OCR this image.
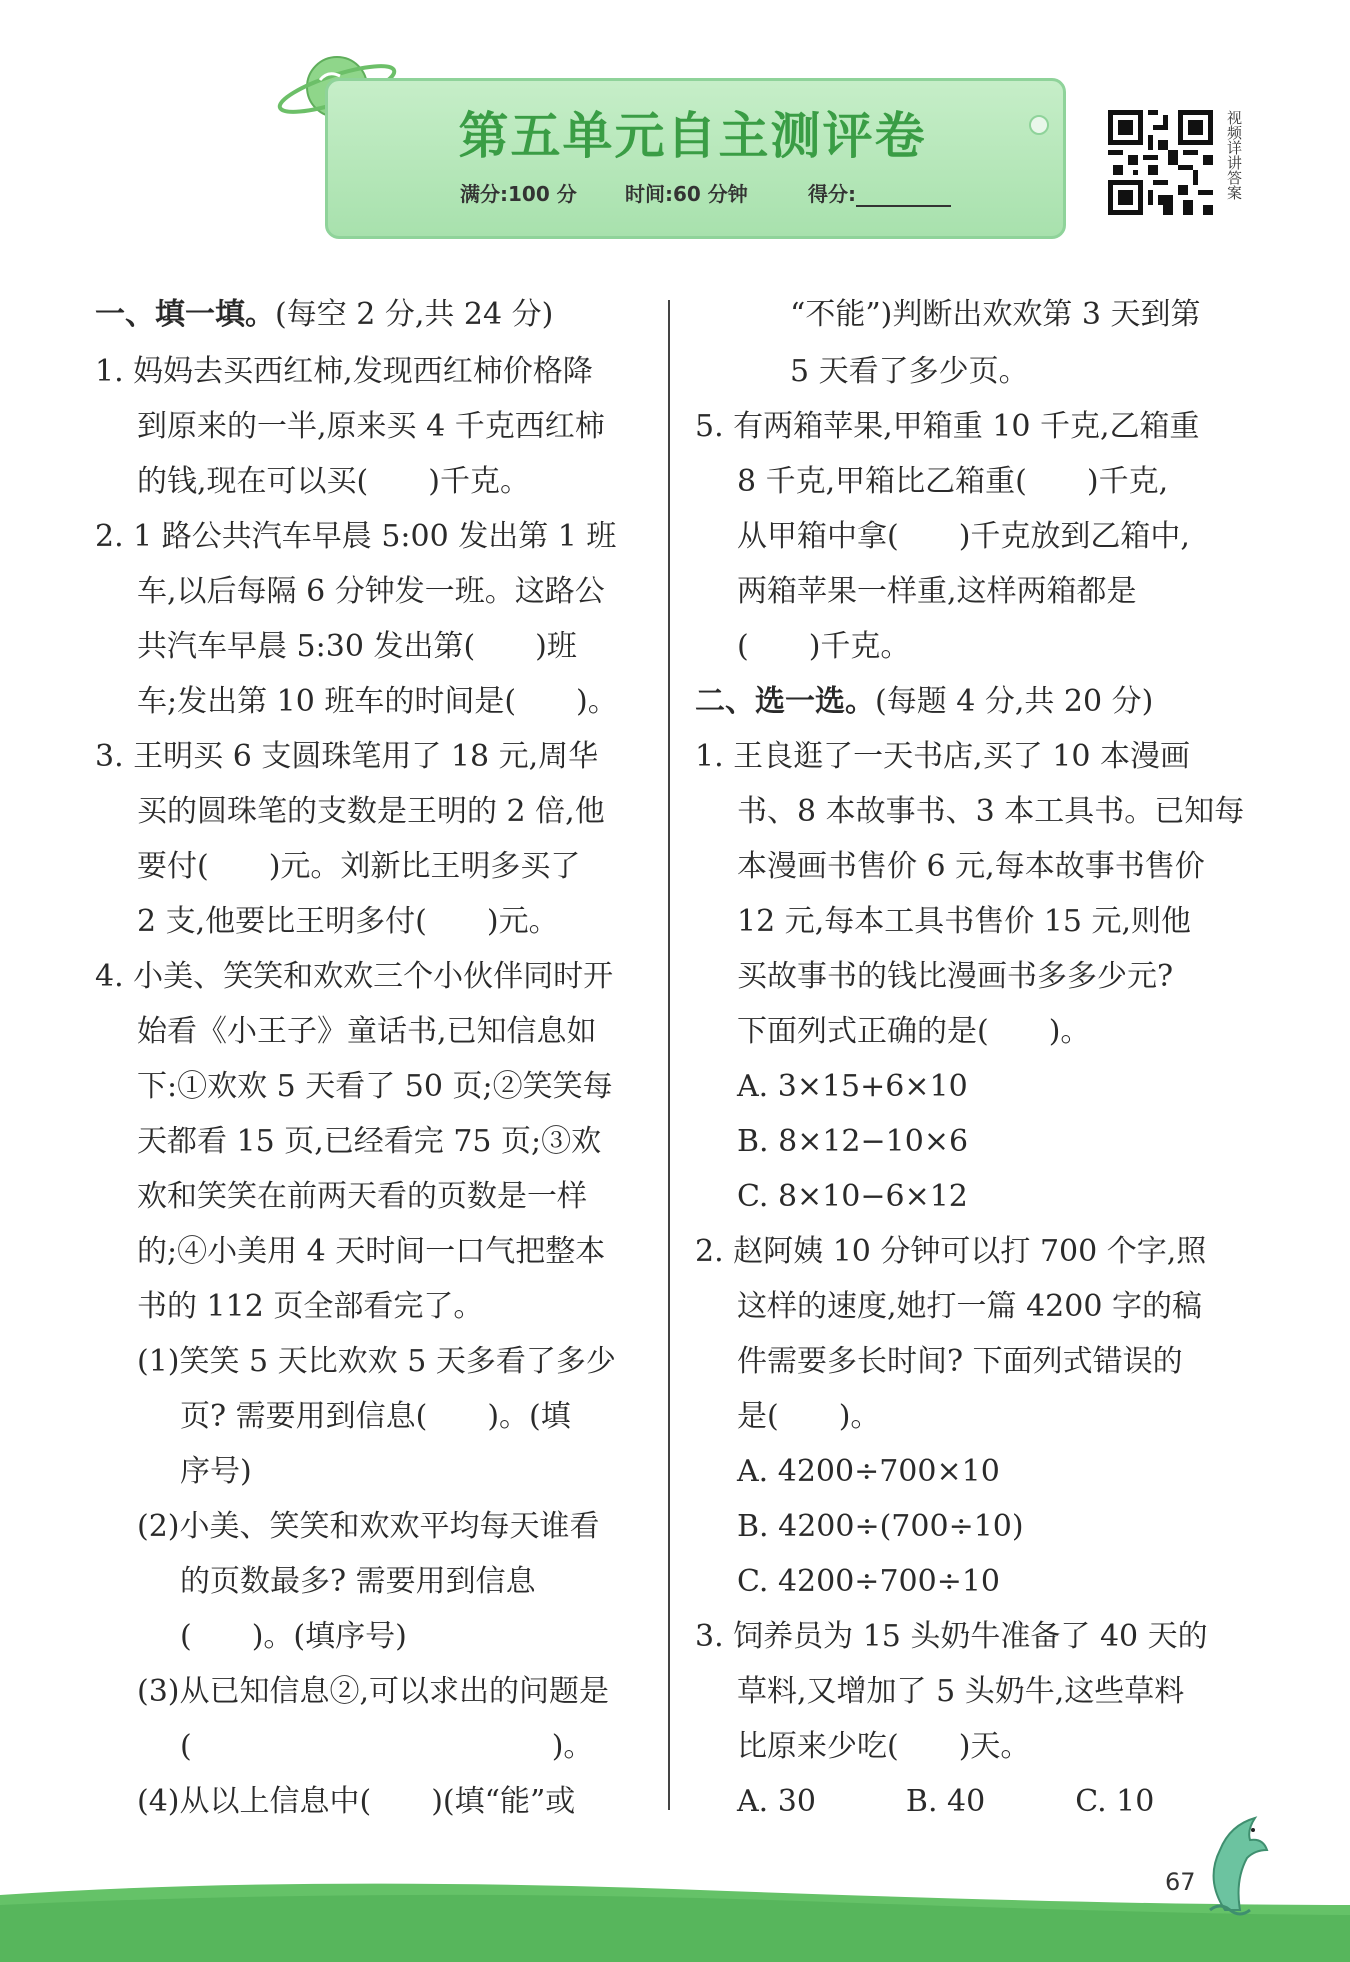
第五单元自主测评卷
满分:100 分 时间:60 分钟	得分:	视频详讲答案
一、填一填。(每空 2 分,共 24 分)
1. 妈妈去买西红柿,发现西红柿价格降
到原来的一半,原来买 4 千克西红柿
的钱,现在可以买(　　)千克。
2. 1 路公共汽车早晨 5:00 发出第 1 班
车,以后每隔 6 分钟发一班。这路公
共汽车早晨 5:30 发出第(　　)班
车;发出第 10 班车的时间是(　　)。
3. 王明买 6 支圆珠笔用了 18 元,周华
买的圆珠笔的支数是王明的 2 倍,他
要付(　　)元。刘新比王明多买了
2 支,他要比王明多付(　　)元。
4. 小美、笑笑和欢欢三个小伙伴同时开
始看《小王子》童话书,已知信息如
下:①欢欢 5 天看了 50 页;②笑笑每
天都看 15 页,已经看完 75 页;③欢
欢和笑笑在前两天看的页数是一样
的;④小美用 4 天时间一口气把整本
书的 112 页全部看完了。
(1)笑笑 5 天比欢欢 5 天多看了多少
页? 需要用到信息(　　)。(填
序号)
(2)小美、笑笑和欢欢平均每天谁看
的页数最多? 需要用到信息
(　　)。(填序号)
(3)从已知信息②,可以求出的问题是
(　　　　　　　　　　　　)。
(4)从以上信息中(　　)(填“能”或
“不能”)判断出欢欢第 3 天到第
5 天看了多少页。
5. 有两箱苹果,甲箱重 10 千克,乙箱重
8 千克,甲箱比乙箱重(　　)千克,
从甲箱中拿(　　)千克放到乙箱中,
两箱苹果一样重,这样两箱都是
(　　)千克。
二、选一选。(每题 4 分,共 20 分)
1. 王良逛了一天书店,买了 10 本漫画
书、8 本故事书、3 本工具书。已知每
本漫画书售价 6 元,每本故事书售价
12 元,每本工具书售价 15 元,则他
买故事书的钱比漫画书多多少元?
下面列式正确的是(　　)。
A. 3×15+6×10
B. 8×12−10×6
C. 8×10−6×12
2. 赵阿姨 10 分钟可以打 700 个字,照
这样的速度,她打一篇 4200 字的稿
件需要多长时间? 下面列式错误的
是(　　)。
A. 4200÷700×10
B. 4200÷(700÷10)
C. 4200÷700÷10
3. 饲养员为 15 头奶牛准备了 40 天的
草料,又增加了 5 头奶牛,这些草料
比原来少吃(　　)天。
A. 30　　　B. 40　　　C. 10
67
